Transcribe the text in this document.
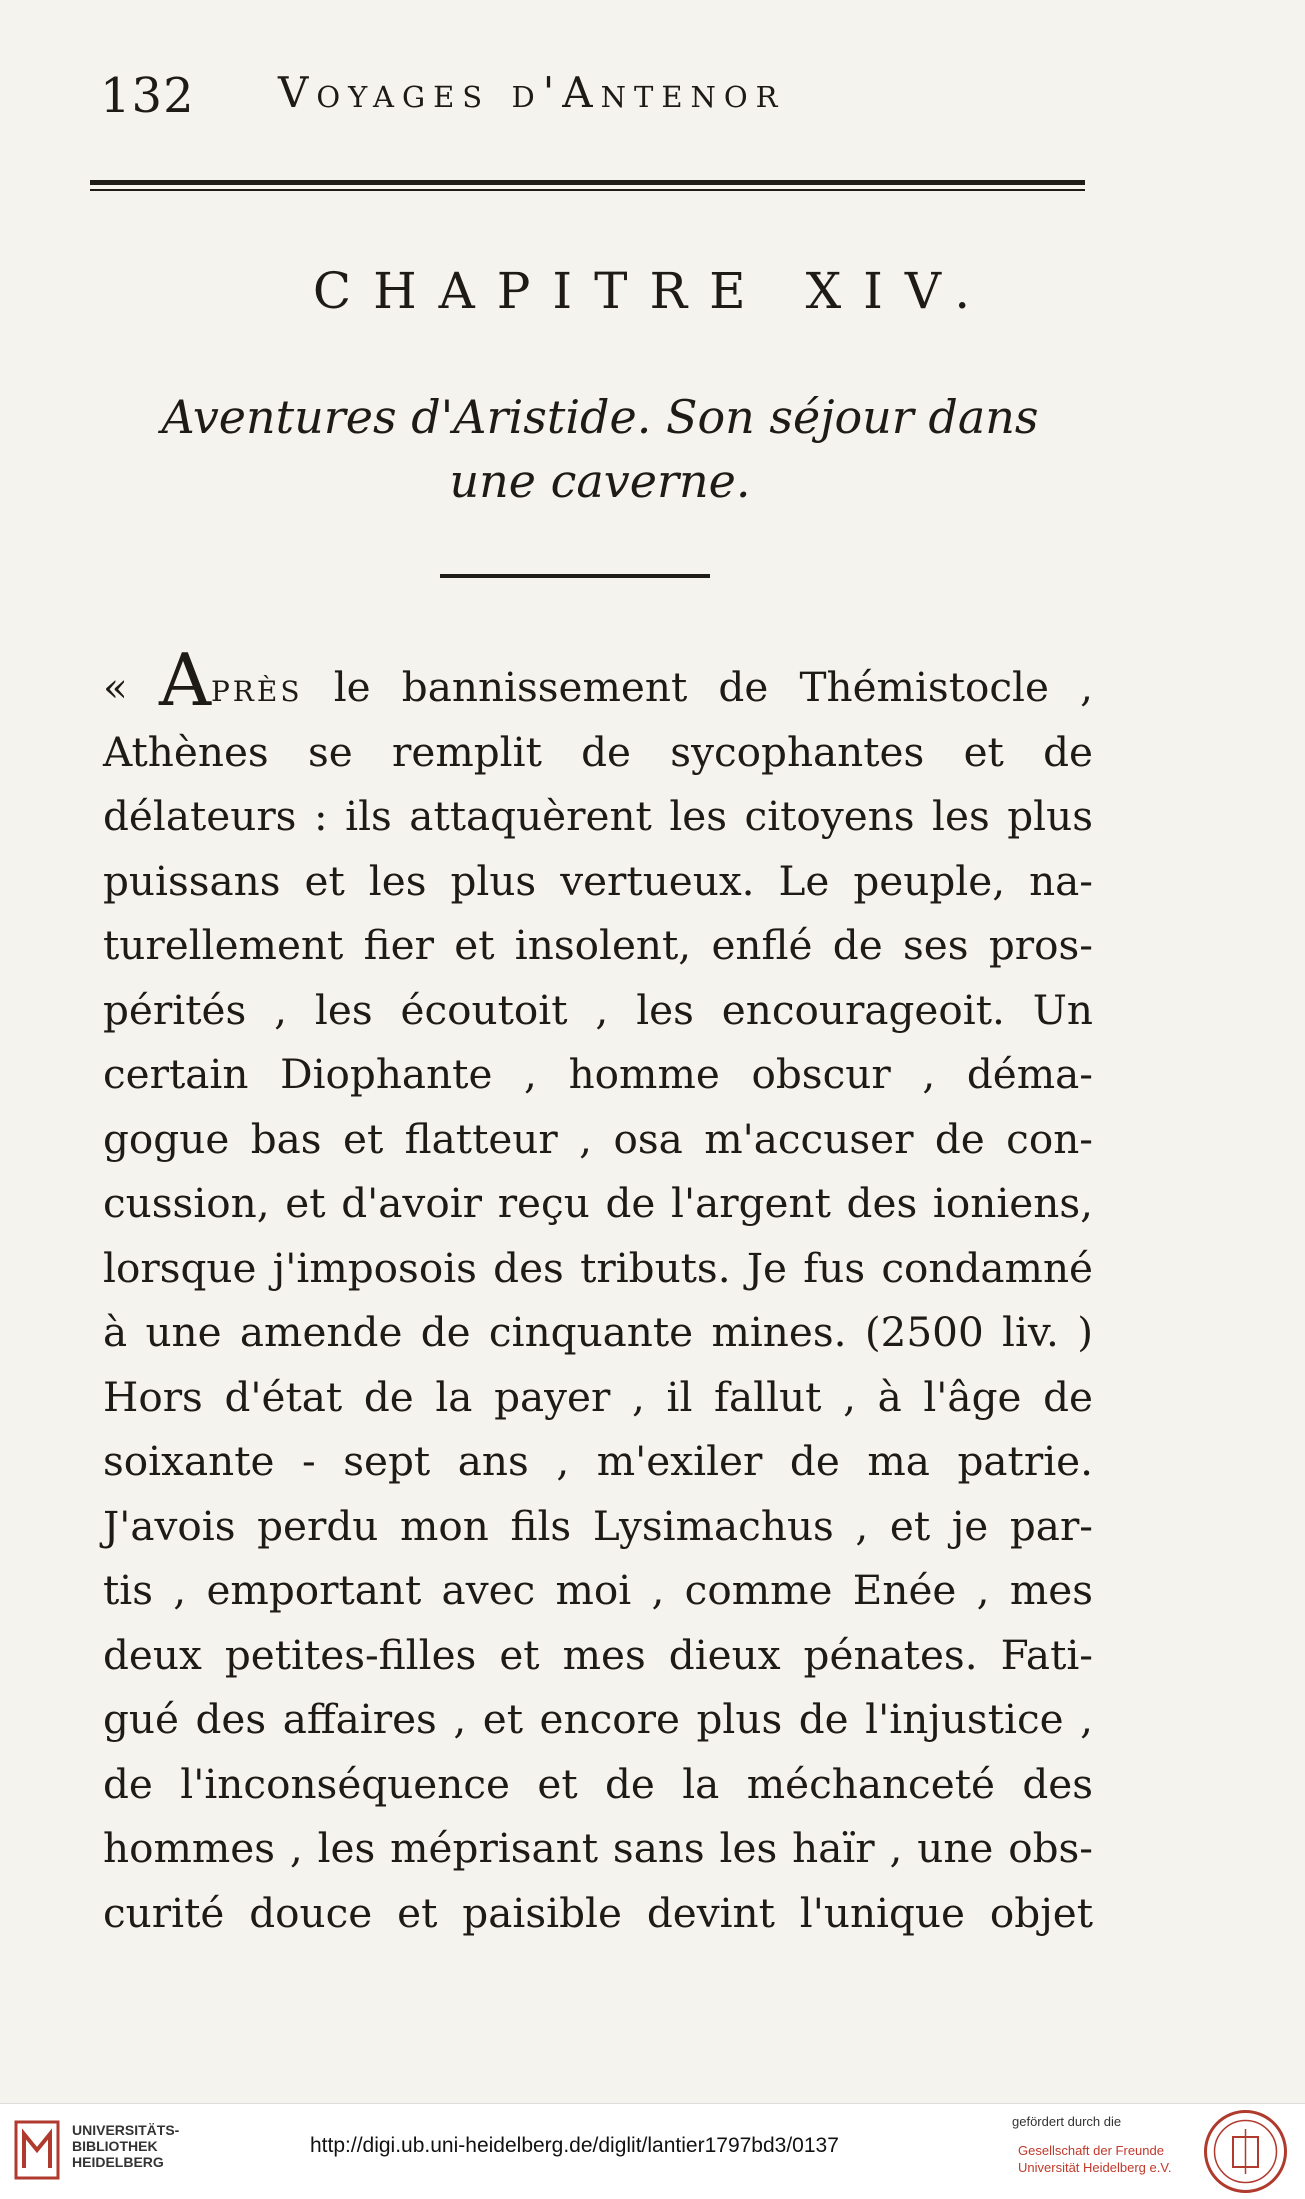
132 Voyages d'Antenor
CHAPITRE XIV.
Aventures d'Aristide. Son séjour dans
une caverne.
« Après le bannissement de Thémistocle ,
Athènes se remplit de sycophantes et de
délateurs : ils attaquèrent les citoyens les plus
puissans et les plus vertueux. Le peuple, na-
turellement fier et insolent, enflé de ses pros-
pérités , les écoutoit , les encourageoit. Un
certain Diophante , homme obscur , déma-
gogue bas et flatteur , osa m'accuser de con-
cussion, et d'avoir reçu de l'argent des ioniens,
lorsque j'imposois des tributs. Je fus condamné
à une amende de cinquante mines. (2500 liv. )
Hors d'état de la payer , il fallut , à l'âge de
soixante - sept ans , m'exiler de ma patrie.
J'avois perdu mon fils Lysimachus , et je par-
tis , emportant avec moi , comme Enée , mes
deux petites-filles et mes dieux pénates. Fati-
gué des affaires , et encore plus de l'injustice ,
de l'inconséquence et de la méchanceté des
hommes , les méprisant sans les haïr , une obs-
curité douce et paisible devint l'unique objet
UNIVERSITÄTS-
BIBLIOTHEK
HEIDELBERG
http://digi.ub.uni-heidelberg.de/diglit/lantier1797bd3/0137
gefördert durch die
Gesellschaft der Freunde
Universität Heidelberg e.V.
